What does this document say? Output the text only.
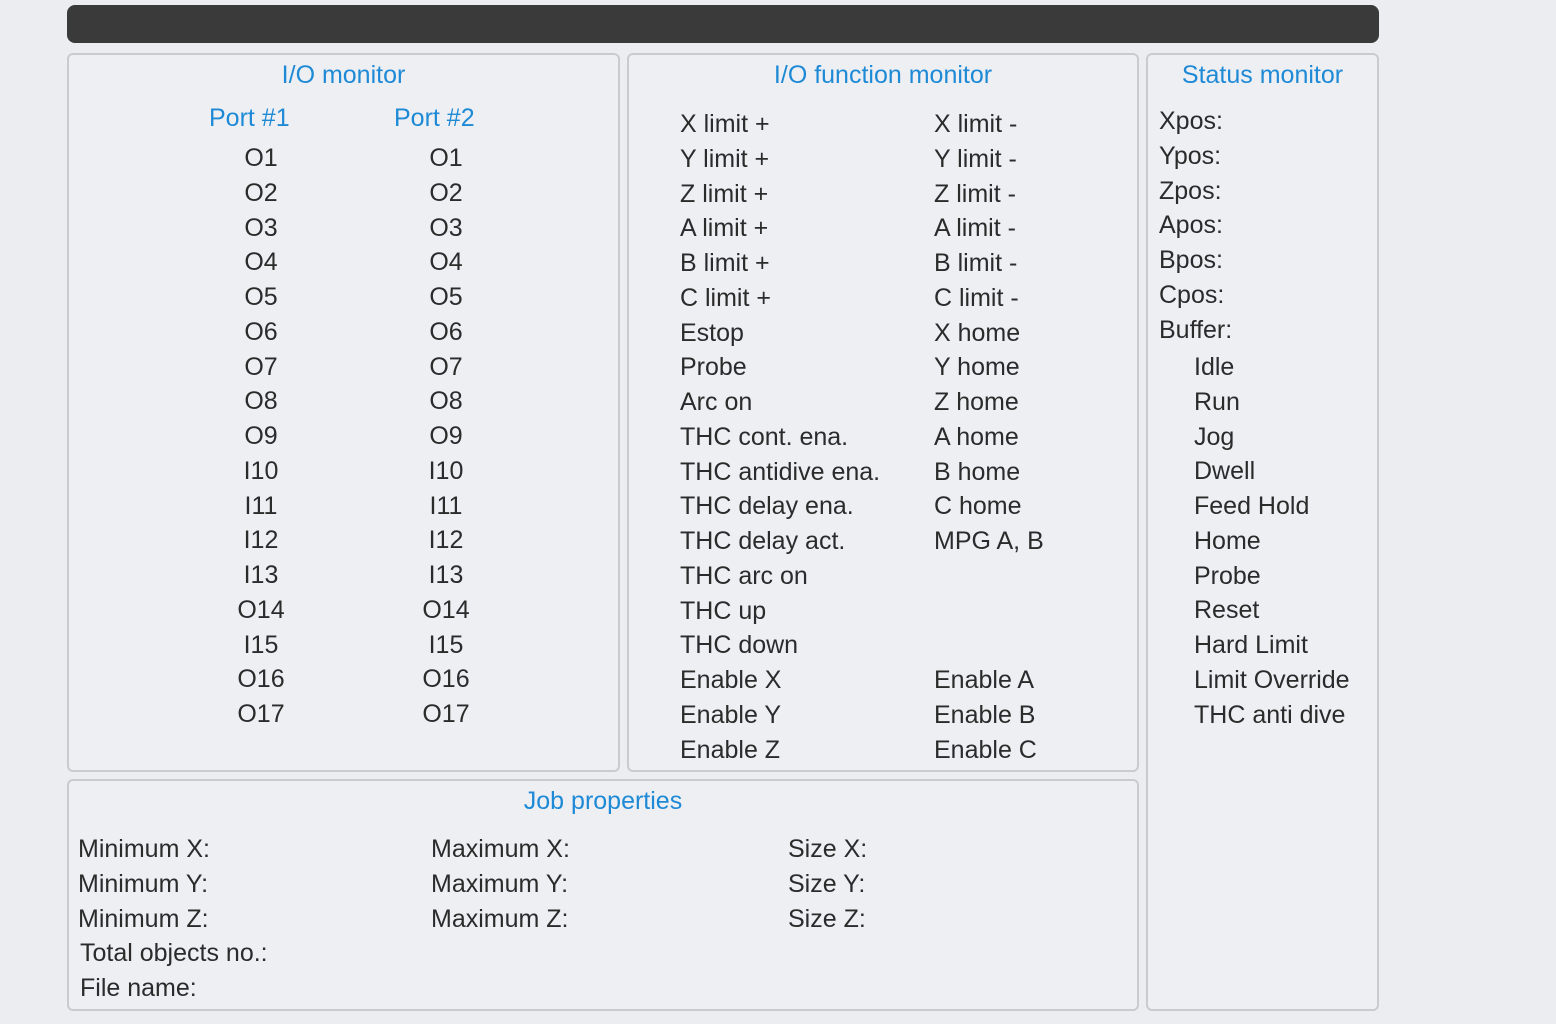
I/O monitor
Port #1	Port #2
O1
O2
O3
O4
O5
O6
O7
O8
O9
I10
I11
I12
I13
O14
I15
O16
O17
O1
O2
O3
O4
O5
O6
O7
O8
O9
I10
I11
I12
I13
O14
I15
O16
O17
I/O function monitor
X limit +
Y limit +
Z limit +
A limit +
B limit +
C limit +
Estop
Probe
Arc on
THC cont. ena.
THC antidive ena.
THC delay ena.
THC delay act.
THC arc on
THC up
THC down
Enable X
Enable Y
Enable Z
X limit -
Y limit -
Z limit -
A limit -
B limit -
C limit -
X home
Y home
Z home
A home
B home
C home
MPG A, B
Enable A
Enable B
Enable C
Status monitor
Xpos:
Ypos:
Zpos:
Apos:
Bpos:
Cpos:
Buffer:
Idle
Run
Jog
Dwell
Feed Hold
Home
Probe
Reset
Hard Limit
Limit Override
THC anti dive
Job properties
Minimum X:
Minimum Y:
Minimum Z:
Maximum X:
Maximum Y:
Maximum Z:
Size X:
Size Y:
Size Z:
Total objects no.:
File name:
